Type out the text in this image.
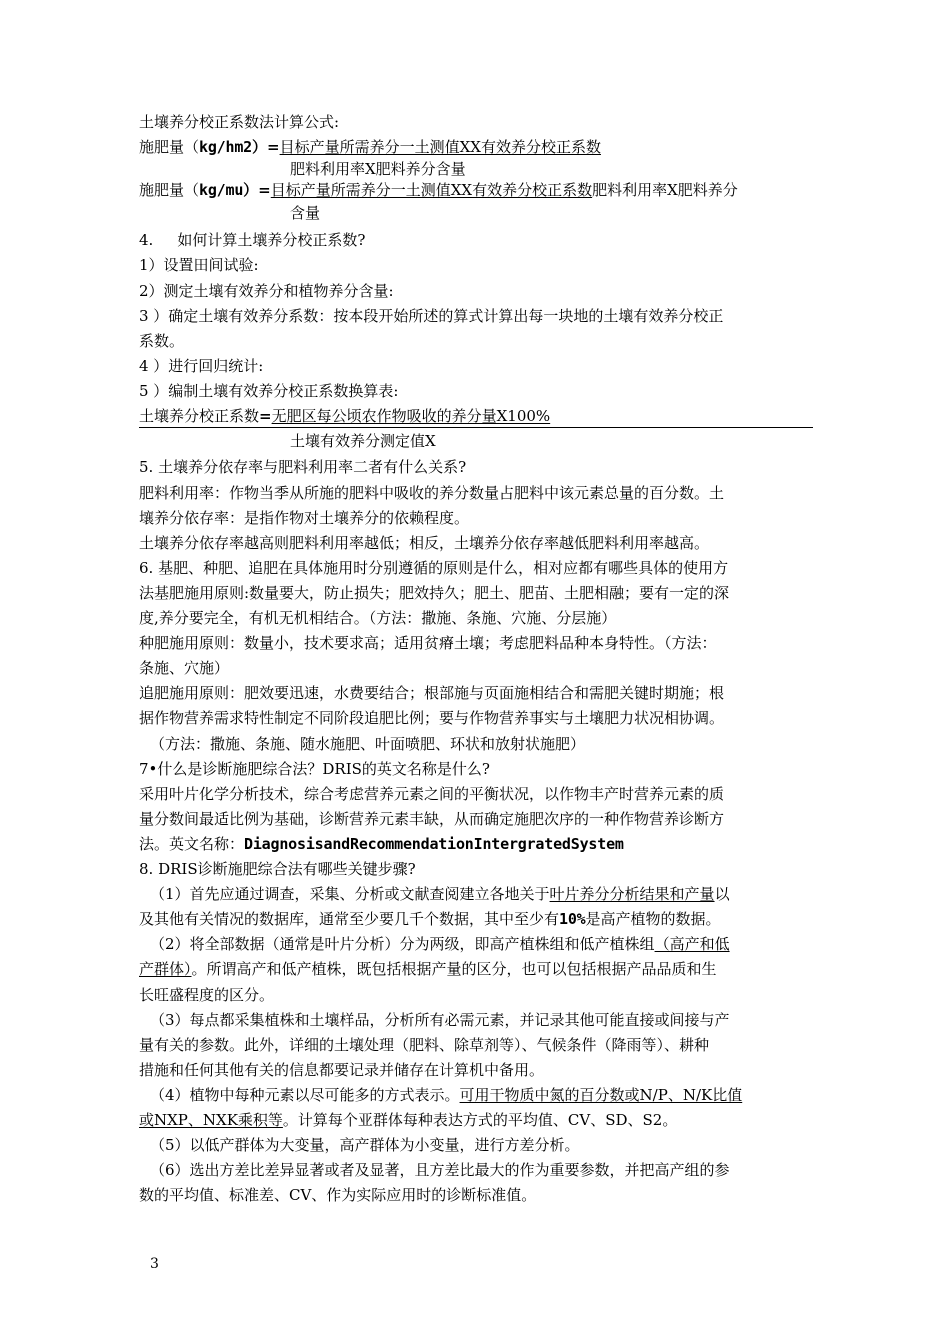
土壤养分校正系数法计算公式:
施肥量（kg/hm2）=目标产量所需养分一土测值XX有效养分校正系数
肥料利用率X肥料养分含量
施肥量（kg/mu）=目标产量所需养分一土测值XX有效养分校正系数肥料利用率X肥料养分
含量
4. 如何计算土壤养分校正系数?
1）设置田间试验:
2）测定土壤有效养分和植物养分含量:
3 ）确定土壤有效养分系数：按本段开始所述的算式计算出每一块地的土壤有效养分校正
系数。
4 ）进行回归统计:
5 ）编制土壤有效养分校正系数换算表:
土壤养分校正系数=无肥区每公顷农作物吸收的养分量X100%
土壤有效养分测定值X
5. 土壤养分依存率与肥料利用率二者有什么关系?
肥料利用率：作物当季从所施的肥料中吸收的养分数量占肥料中该元素总量的百分数。土
壤养分依存率：是指作物对土壤养分的依赖程度。
土壤养分依存率越高则肥料利用率越低；相反，土壤养分依存率越低肥料利用率越高。
6. 基肥、种肥、追肥在具体施用时分别遵循的原则是什么，相对应都有哪些具体的使用方
法基肥施用原则:数量要大，防止损失；肥效持久；肥土、肥苗、土肥相融；要有一定的深
度,养分要完全，有机无机相结合。（方法：撒施、条施、穴施、分层施）
种肥施用原则：数量小，技术要求高；适用贫瘠土壤；考虑肥料品种本身特性。（方法：
条施、穴施）
追肥施用原则：肥效要迅速，水费要结合；根部施与页面施相结合和需肥关键时期施；根
据作物营养需求特性制定不同阶段追肥比例；要与作物营养事实与土壤肥力状况相协调。
（方法：撒施、条施、随水施肥、叶面喷肥、环状和放射状施肥）
7•什么是诊断施肥综合法？DRIS的英文名称是什么?
采用叶片化学分析技术，综合考虑营养元素之间的平衡状况，以作物丰产时营养元素的质
量分数间最适比例为基础，诊断营养元素丰缺，从而确定施肥次序的一种作物营养诊断方
法。英文名称：DiagnosisandRecommendationIntergratedSystem
8. DRIS诊断施肥综合法有哪些关键步骤?
（1）首先应通过调查，采集、分析或文献查阅建立各地关于叶片养分分析结果和产量以
及其他有关情况的数据库，通常至少要几千个数据，其中至少有10%是高产植物的数据。
（2）将全部数据（通常是叶片分析）分为两级，即高产植株组和低产植株组（高产和低
产群体）。所谓高产和低产植株，既包括根据产量的区分，也可以包括根据产品品质和生
长旺盛程度的区分。
（3）每点都采集植株和土壤样品，分析所有必需元素，并记录其他可能直接或间接与产
量有关的参数。此外，详细的土壤处理（肥料、除草剂等）、气候条件（降雨等）、耕种
措施和任何其他有关的信息都要记录并储存在计算机中备用。
（4）植物中每种元素以尽可能多的方式表示。可用干物质中氮的百分数或N/P、N/K比值
或NXP、NXK乘积等。计算每个亚群体每种表达方式的平均值、CV、SD、S2。
（5）以低产群体为大变量，高产群体为小变量，进行方差分析。
（6）选出方差比差异显著或者及显著，且方差比最大的作为重要参数，并把高产组的参
数的平均值、标准差、CV、作为实际应用时的诊断标准值。
3
